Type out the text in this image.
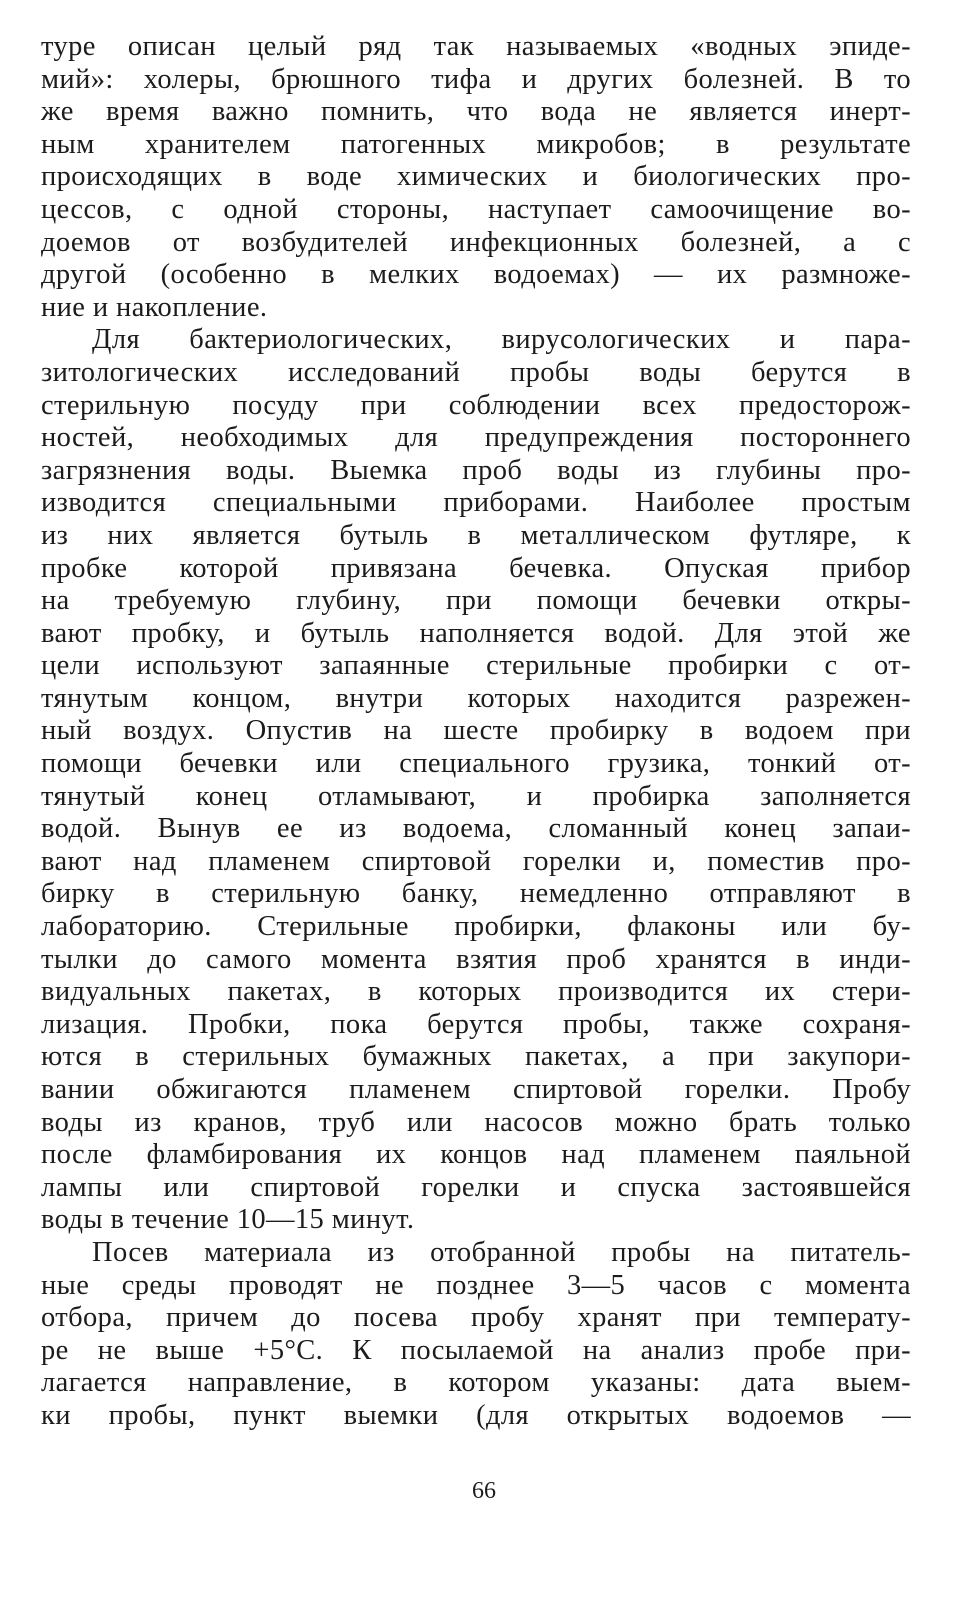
туре описан целый ряд так называемых «водных эпиде-
мий»: холеры, брюшного тифа и других болезней. В то
же время важно помнить, что вода не является инерт-
ным хранителем патогенных микробов; в результате
происходящих в воде химических и биологических про-
цессов, с одной стороны, наступает самоочищение во-
доемов от возбудителей инфекционных болезней, а с
другой (особенно в мелких водоемах) — их размноже-
ние и накопление.
Для бактериологических, вирусологических и пара-
зитологических исследований пробы воды берутся в
стерильную посуду при соблюдении всех предосторож-
ностей, необходимых для предупреждения постороннего
загрязнения воды. Выемка проб воды из глубины про-
изводится специальными приборами. Наиболее простым
из них является бутыль в металлическом футляре, к
пробке которой привязана бечевка. Опуская прибор
на требуемую глубину, при помощи бечевки откры-
вают пробку, и бутыль наполняется водой. Для этой же
цели используют запаянные стерильные пробирки с от-
тянутым концом, внутри которых находится разрежен-
ный воздух. Опустив на шесте пробирку в водоем при
помощи бечевки или специального грузика, тонкий от-
тянутый конец отламывают, и пробирка заполняется
водой. Вынув ее из водоема, сломанный конец запаи-
вают над пламенем спиртовой горелки и, поместив про-
бирку в стерильную банку, немедленно отправляют в
лабораторию. Стерильные пробирки, флаконы или бу-
тылки до самого момента взятия проб хранятся в инди-
видуальных пакетах, в которых производится их стери-
лизация. Пробки, пока берутся пробы, также сохраня-
ются в стерильных бумажных пакетах, а при закупори-
вании обжигаются пламенем спиртовой горелки. Пробу
воды из кранов, труб или насосов можно брать только
после фламбирования их концов над пламенем паяльной
лампы или спиртовой горелки и спуска застоявшейся
воды в течение 10—15 минут.
Посев материала из отобранной пробы на питатель-
ные среды проводят не позднее 3—5 часов с момента
отбора, причем до посева пробу хранят при температу-
ре не выше +5°С. К посылаемой на анализ пробе при-
лагается направление, в котором указаны: дата выем-
ки пробы, пункт выемки (для открытых водоемов —
66
